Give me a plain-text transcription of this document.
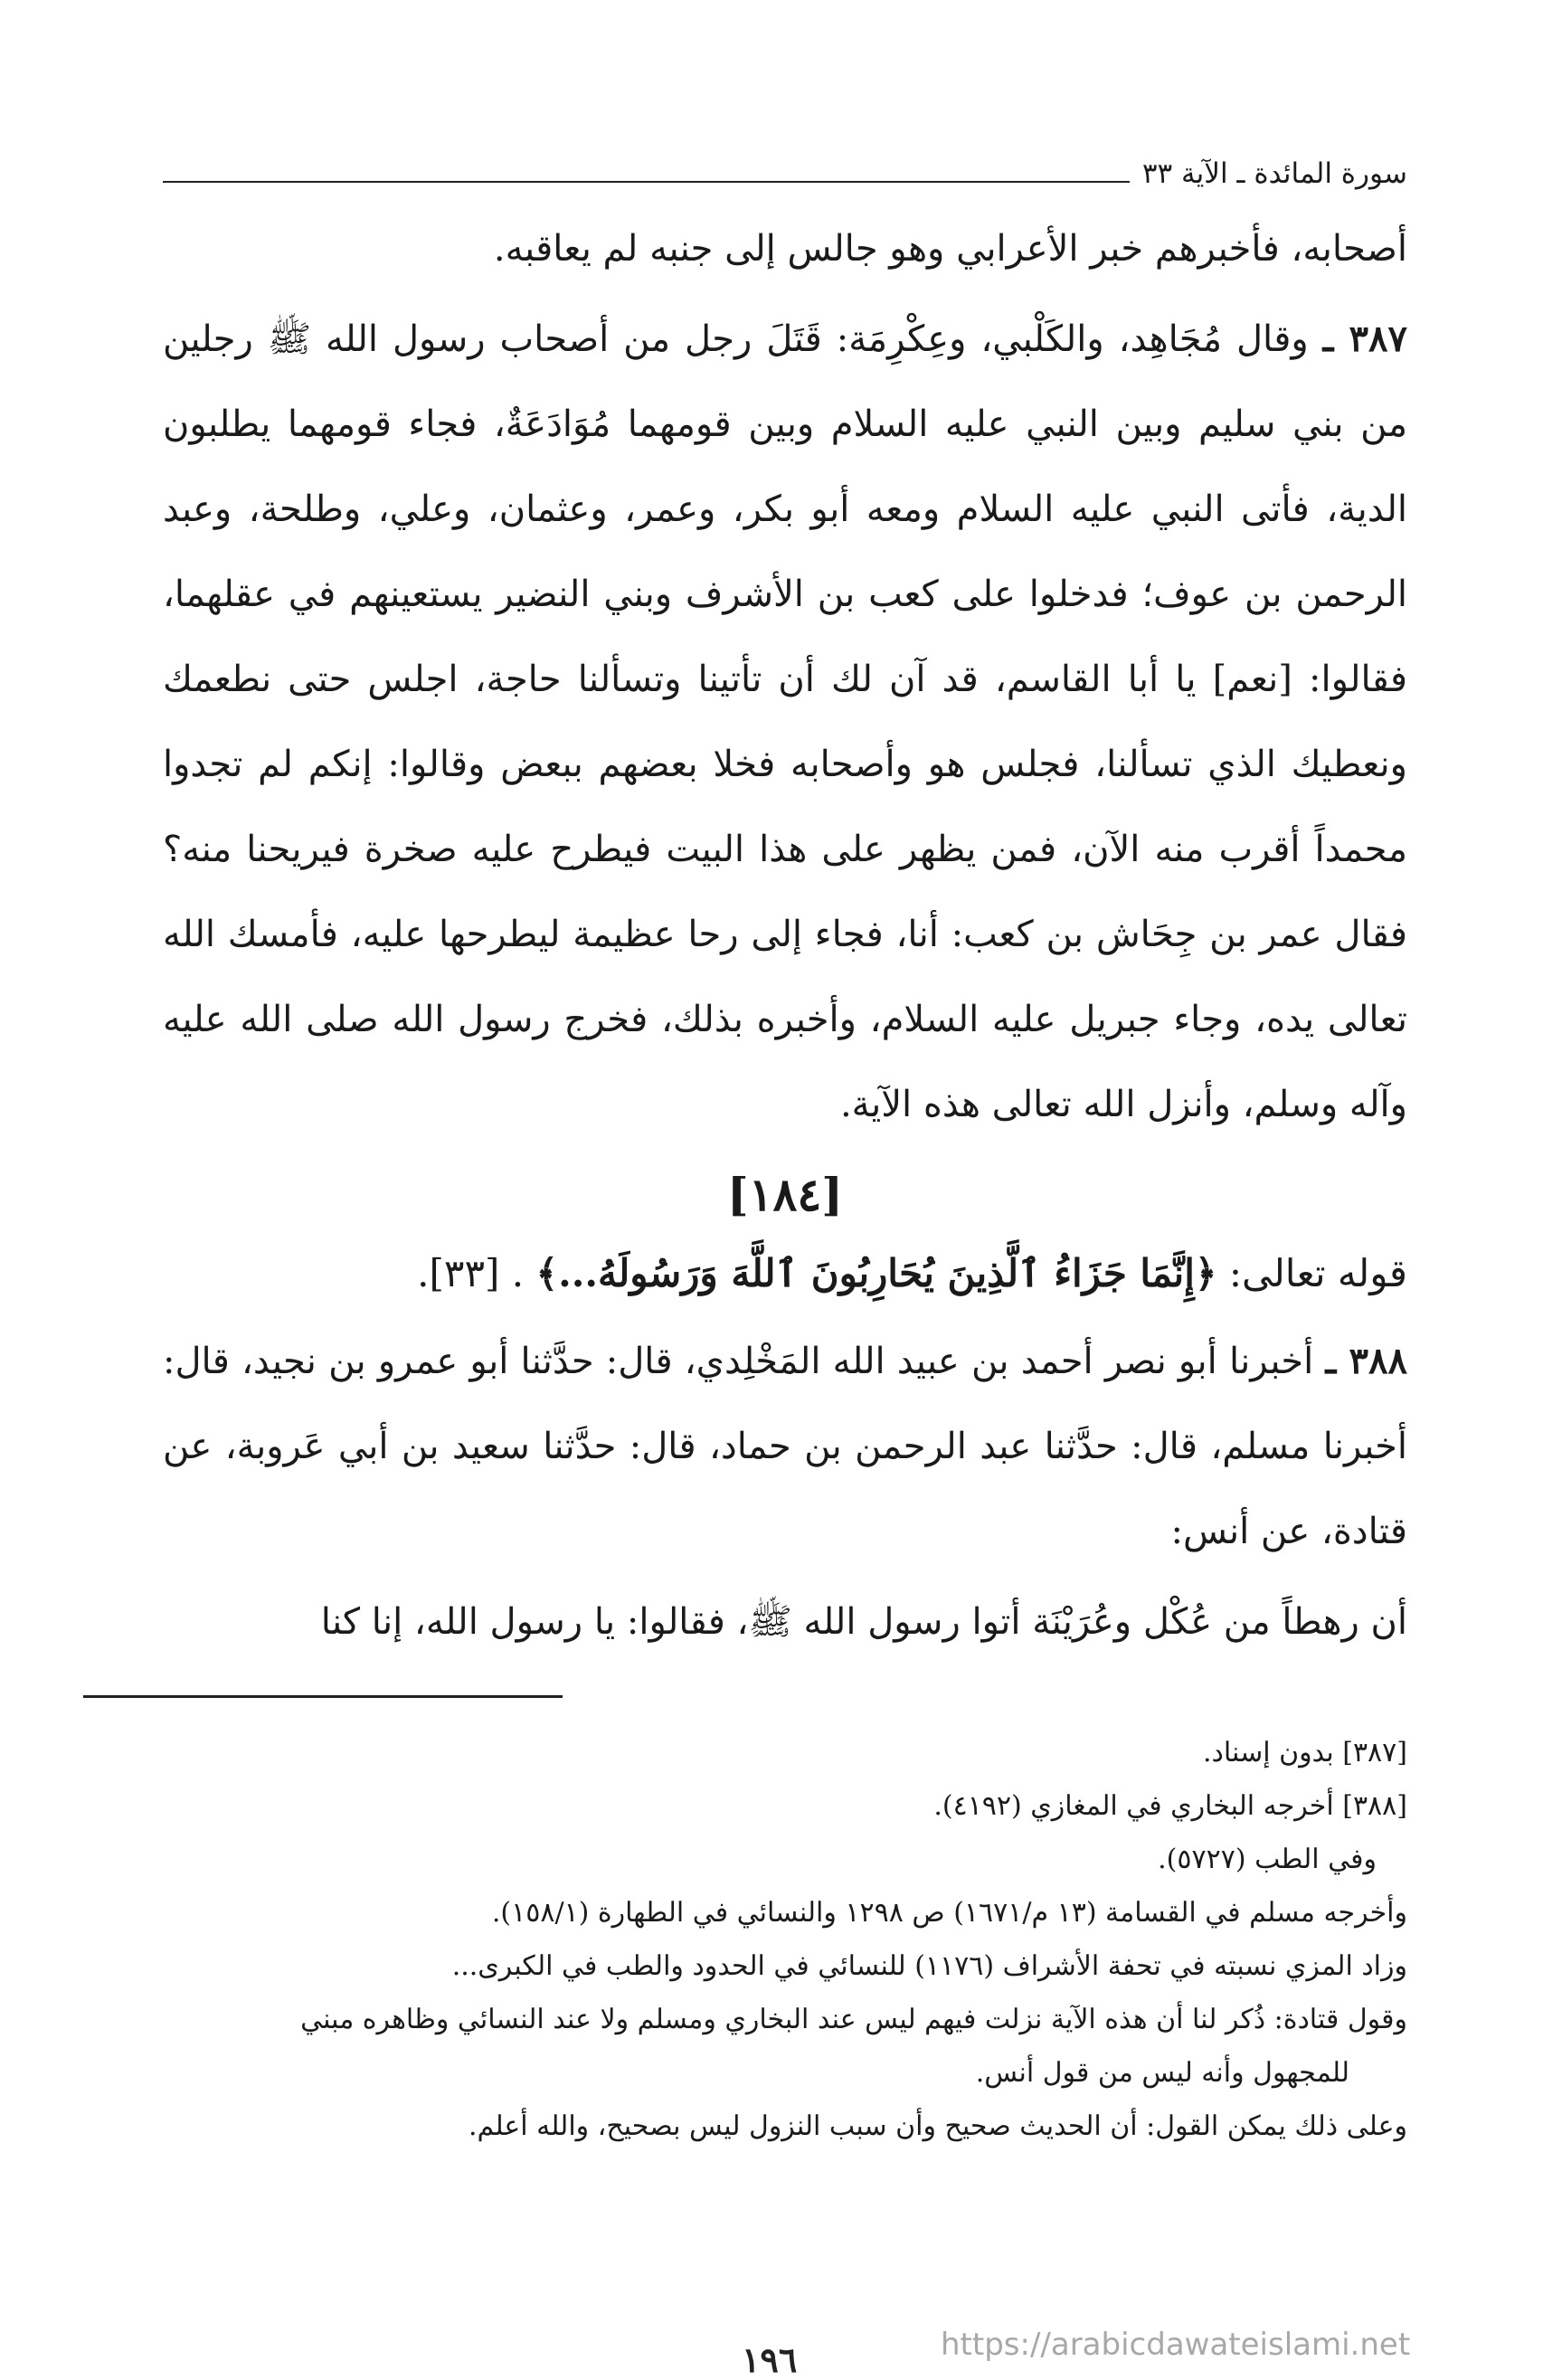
سورة المائدة ـ الآية ٣٣

أصحابه، فأخبرهم خبر الأعرابي وهو جالس إلى جنبه لم يعاقبه.

٣٨٧ ـ وقال مُجَاهِد، والكَلْبي، وعِكْرِمَة: قَتَلَ رجل من أصحاب رسول الله ﷺ رجلين من بني سليم وبين النبي عليه السلام وبين قومهما مُوَادَعَةٌ، فجاء قومهما يطلبون الدية، فأتى النبي عليه السلام ومعه أبو بكر، وعمر، وعثمان، وعلي، وطلحة، وعبد الرحمن بن عوف؛ فدخلوا على كعب بن الأشرف وبني النضير يستعينهم في عقلهما، فقالوا: [نعم] يا أبا القاسم، قد آن لك أن تأتينا وتسألنا حاجة، اجلس حتى نطعمك ونعطيك الذي تسألنا، فجلس هو وأصحابه فخلا بعضهم ببعض وقالوا: إنكم لم تجدوا محمداً أقرب منه الآن، فمن يظهر على هذا البيت فيطرح عليه صخرة فيريحنا منه؟ فقال عمر بن جِحَاش بن كعب: أنا، فجاء إلى رحا عظيمة ليطرحها عليه، فأمسك الله تعالى يده، وجاء جبريل عليه السلام، وأخبره بذلك، فخرج رسول الله صلى الله عليه وآله وسلم، وأنزل الله تعالى هذه الآية.

[١٨٤]

قوله تعالى: ﴿إِنَّمَا جَزَاءُ ٱلَّذِينَ يُحَارِبُونَ ٱللَّهَ وَرَسُولَهُ...﴾ . [٣٣].

٣٨٨ ـ أخبرنا أبو نصر أحمد بن عبيد الله المَخْلِدي، قال: حدَّثنا أبو عمرو بن نجيد، قال: أخبرنا مسلم، قال: حدَّثنا عبد الرحمن بن حماد، قال: حدَّثنا سعيد بن أبي عَروبة، عن قتادة، عن أنس:

أن رهطاً من عُكْل وعُرَيْنَة أتوا رسول الله ﷺ، فقالوا: يا رسول الله، إنا كنا

[٣٨٧] بدون إسناد.

[٣٨٨] أخرجه البخاري في المغازي (٤١٩٢).

وفي الطب (٥٧٢٧).

وأخرجه مسلم في القسامة (١٣ م/١٦٧١) ص ١٢٩٨ والنسائي في الطهارة (١٥٨/١).

وزاد المزي نسبته في تحفة الأشراف (١١٧٦) للنسائي في الحدود والطب في الكبرى...

وقول قتادة: ذُكر لنا أن هذه الآية نزلت فيهم ليس عند البخاري ومسلم ولا عند النسائي وظاهره مبني

للمجهول وأنه ليس من قول أنس.

وعلى ذلك يمكن القول: أن الحديث صحيح وأن سبب النزول ليس بصحيح، والله أعلم.

https://arabicdawateislami.net
١٩٦
